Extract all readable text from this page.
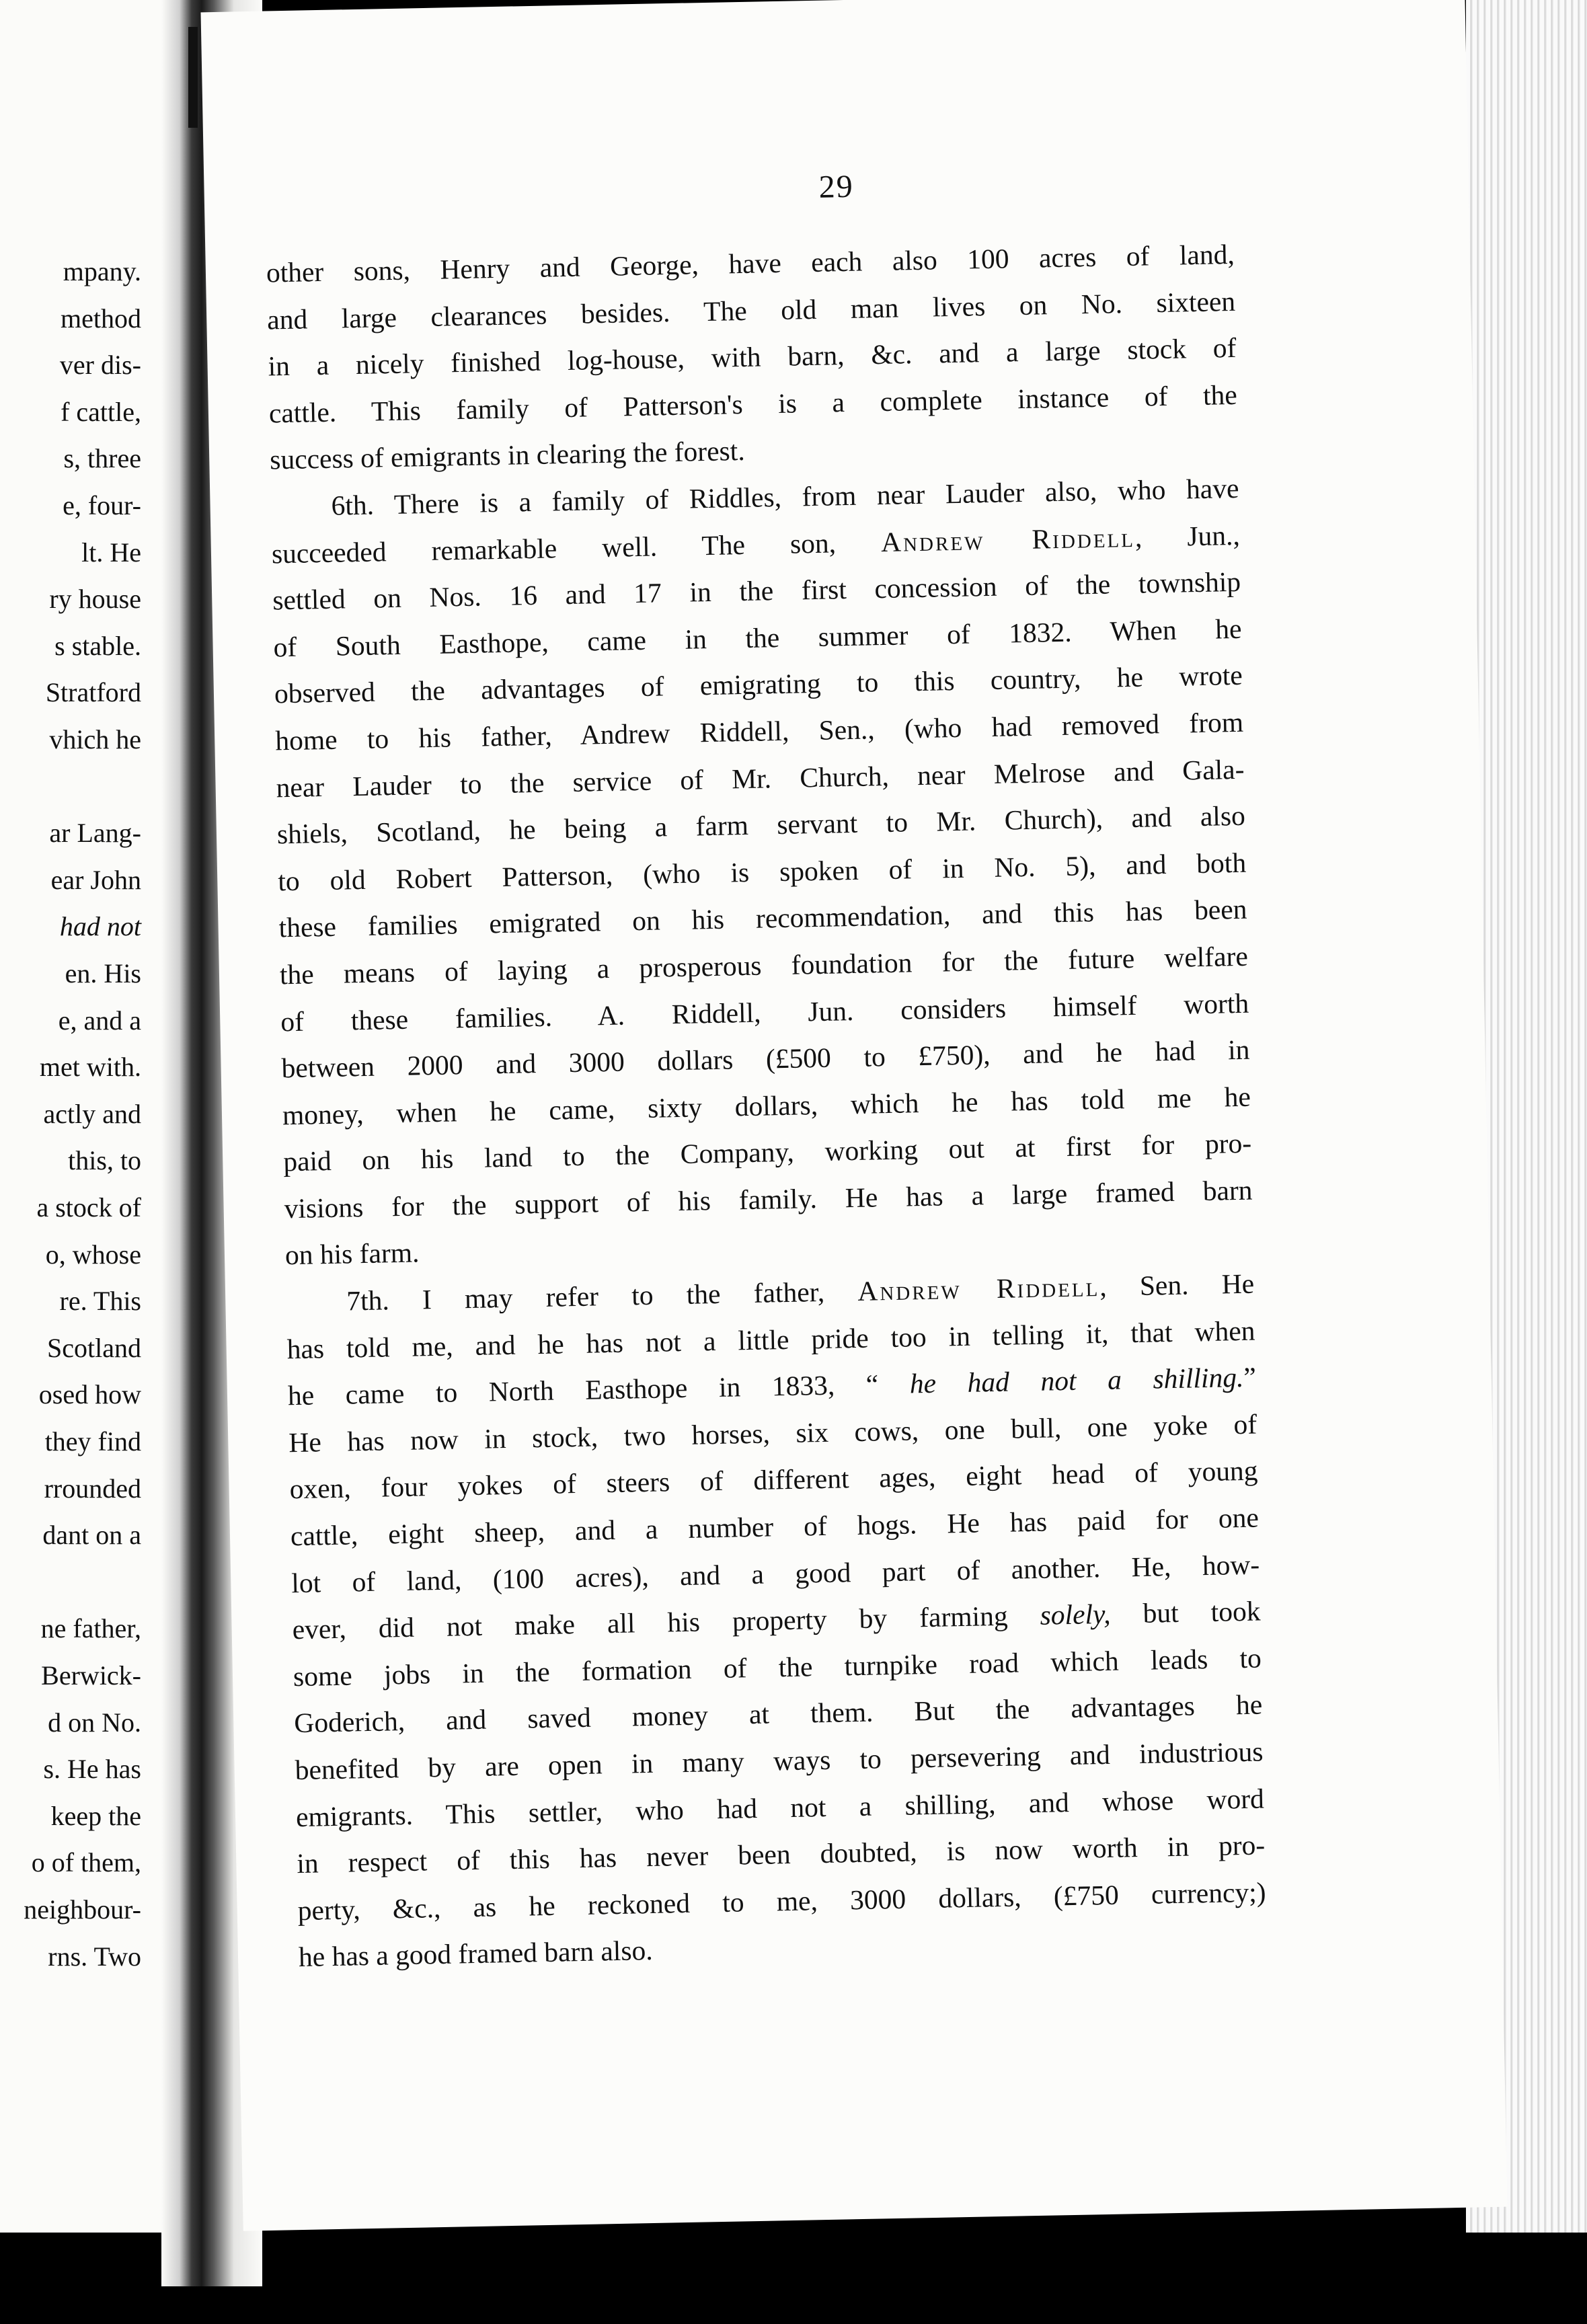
mpany.
method
ver dis-
f cattle,
s, three
e, four-
lt. He
ry house
s stable.
Stratford
vhich he
ar Lang-
ear John
had not
en. His
e, and a
met with.
actly and
this, to
a stock of
o, whose
re. This
Scotland
osed how
they find
rrounded
dant on a
ne father,
Berwick-
d on No.
s. He has
keep the
o of them,
neighbour-
rns. Two
29
other sons, Henry and George, have each also 100 acres of land,
and large clearances besides. The old man lives on No. sixteen
in a nicely finished log-house, with barn, &c. and a large stock of
cattle. This family of Patterson's is a complete instance of the
success of emigrants in clearing the forest.
6th. There is a family of Riddles, from near Lauder also, who have
succeeded remarkable well. The son, Andrew Riddell, Jun.,
settled on Nos. 16 and 17 in the first concession of the township
of South Easthope, came in the summer of 1832. When he
observed the advantages of emigrating to this country, he wrote
home to his father, Andrew Riddell, Sen., (who had removed from
near Lauder to the service of Mr. Church, near Melrose and Gala-
shiels, Scotland, he being a farm servant to Mr. Church), and also
to old Robert Patterson, (who is spoken of in No. 5), and both
these families emigrated on his recommendation, and this has been
the means of laying a prosperous foundation for the future welfare
of these families. A. Riddell, Jun. considers himself worth
between 2000 and 3000 dollars (£500 to £750), and he had in
money, when he came, sixty dollars, which he has told me he
paid on his land to the Company, working out at first for pro-
visions for the support of his family. He has a large framed barn
on his farm.
7th. I may refer to the father, Andrew Riddell, Sen. He
has told me, and he has not a little pride too in telling it, that when
he came to North Easthope in 1833, “ he had not a shilling.”
He has now in stock, two horses, six cows, one bull, one yoke of
oxen, four yokes of steers of different ages, eight head of young
cattle, eight sheep, and a number of hogs. He has paid for one
lot of land, (100 acres), and a good part of another. He, how-
ever, did not make all his property by farming solely, but took
some jobs in the formation of the turnpike road which leads to
Goderich, and saved money at them. But the advantages he
benefited by are open in many ways to persevering and industrious
emigrants. This settler, who had not a shilling, and whose word
in respect of this has never been doubted, is now worth in pro-
perty, &c., as he reckoned to me, 3000 dollars, (£750 currency;)
he has a good framed barn also.
